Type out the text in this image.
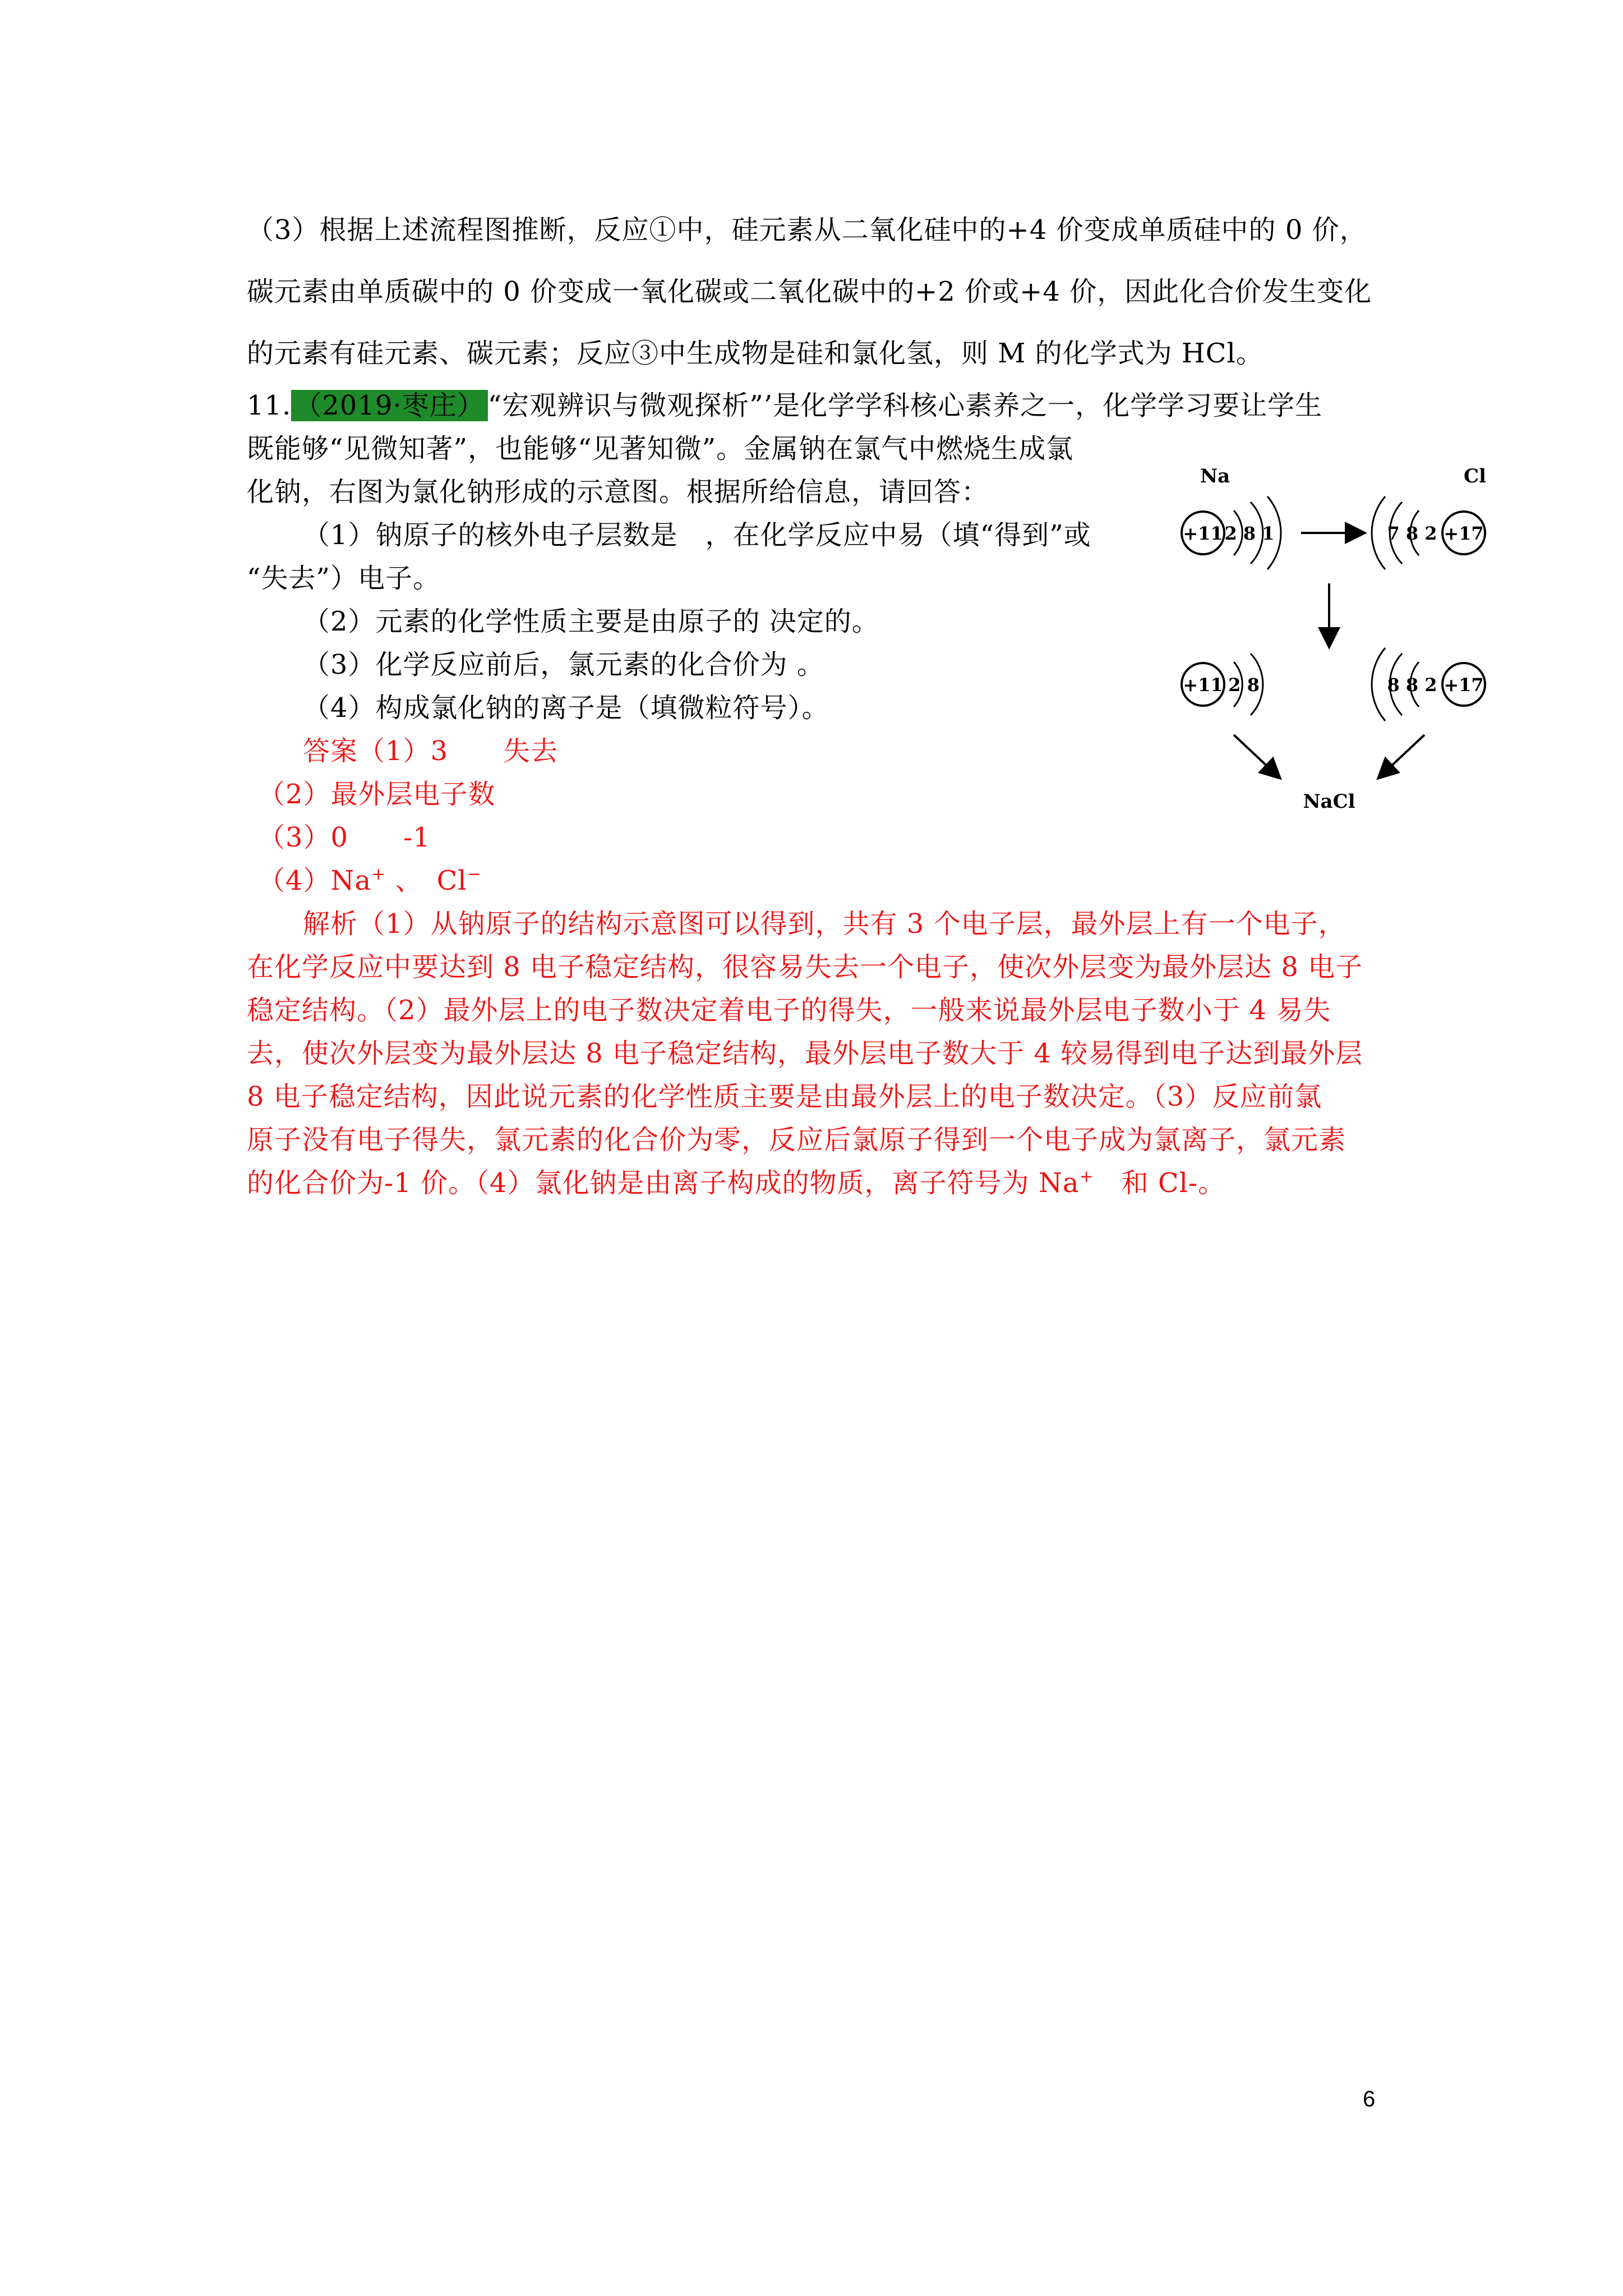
（3）根据上述流程图推断，反应①中，硅元素从二氧化硅中的+4 价变成单质硅中的 0 价，
碳元素由单质碳中的 0 价变成一氧化碳或二氧化碳中的+2 价或+4 价，因此化合价发生变化
的元素有硅元素、碳元素；反应③中生成物是硅和氯化氢，则 M 的化学式为 HCl。
11. （2019·枣庄） “宏观辨识与微观探析”’是化学学科核心素养之一，化学学习要让学生
既能够“见微知著”，也能够“见著知微”。金属钠在氯气中燃烧生成氯
化钠，右图为氯化钠形成的示意图。根据所给信息，请回答：
（1）钠原子的核外电子层数是　，在化学反应中易（填“得到”或
“失去”）电子。
（2）元素的化学性质主要是由原子的 决定的。
（3）化学反应前后，氯元素的化合价为 。
（4）构成氯化钠的离子是（填微粒符号）。
答案（1）3　　失去
（2）最外层电子数
（3）0　　-1
（4）Na+ 、　Cl−
解析（1）从钠原子的结构示意图可以得到，共有 3 个电子层，最外层上有一个电子，
在化学反应中要达到 8 电子稳定结构，很容易失去一个电子，使次外层变为最外层达 8 电子
稳定结构。（2）最外层上的电子数决定着电子的得失，一般来说最外层电子数小于 4 易失
去，使次外层变为最外层达 8 电子稳定结构，最外层电子数大于 4 较易得到电子达到最外层
8 电子稳定结构，因此说元素的化学性质主要是由最外层上的电子数决定。（3）反应前氯
原子没有电子得失，氯元素的化合价为零，反应后氯原子得到一个电子成为氯离子，氯元素
的化合价为-1 价。（4）氯化钠是由离子构成的物质，离子符号为 Na+　和 Cl-。
Na
+11 2 8 1
Cl
7 8 2 +17
+11 2 8	8 8 2 +17
NaCl
6
